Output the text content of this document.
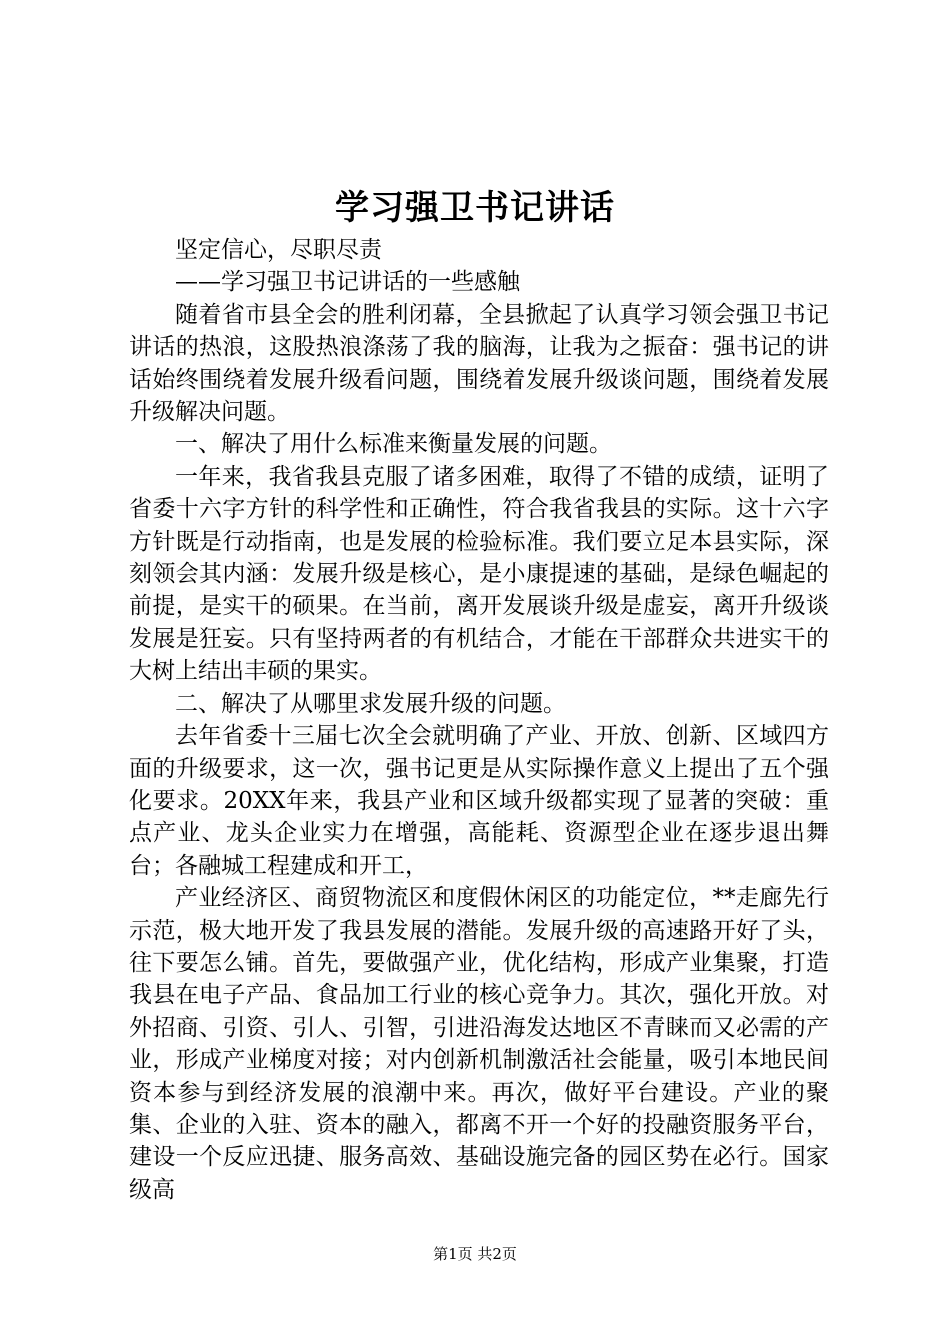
学习强卫书记讲话

坚定信心，尽职尽责

——学习强卫书记讲话的一些感触

随着省市县全会的胜利闭幕，全县掀起了认真学习领会强卫书记讲话的热浪，这股热浪涤荡了我的脑海，让我为之振奋：强书记的讲话始终围绕着发展升级看问题，围绕着发展升级谈问题，围绕着发展升级解决问题。

一、解决了用什么标准来衡量发展的问题。

一年来，我省我县克服了诸多困难，取得了不错的成绩，证明了省委十六字方针的科学性和正确性，符合我省我县的实际。这十六字方针既是行动指南，也是发展的检验标准。我们要立足本县实际，深刻领会其内涵：发展升级是核心，是小康提速的基础，是绿色崛起的前提，是实干的硕果。在当前，离开发展谈升级是虚妄，离开升级谈发展是狂妄。只有坚持两者的有机结合，才能在干部群众共进实干的大树上结出丰硕的果实。

二、解决了从哪里求发展升级的问题。

去年省委十三届七次全会就明确了产业、开放、创新、区域四方面的升级要求，这一次，强书记更是从实际操作意义上提出了五个强化要求。20XX年来，我县产业和区域升级都实现了显著的突破：重点产业、龙头企业实力在增强，高能耗、资源型企业在逐步退出舞台；各融城工程建成和开工，

产业经济区、商贸物流区和度假休闲区的功能定位，**走廊先行示范，极大地开发了我县发展的潜能。发展升级的高速路开好了头，往下要怎么铺。首先，要做强产业，优化结构，形成产业集聚，打造我县在电子产品、食品加工行业的核心竞争力。其次，强化开放。对外招商、引资、引人、引智，引进沿海发达地区不青睐而又必需的产业，形成产业梯度对接；对内创新机制激活社会能量，吸引本地民间资本参与到经济发展的浪潮中来。再次，做好平台建设。产业的聚集、企业的入驻、资本的融入，都离不开一个好的投融资服务平台，建设一个反应迅捷、服务高效、基础设施完备的园区势在必行。国家级高

第1页 共2页
